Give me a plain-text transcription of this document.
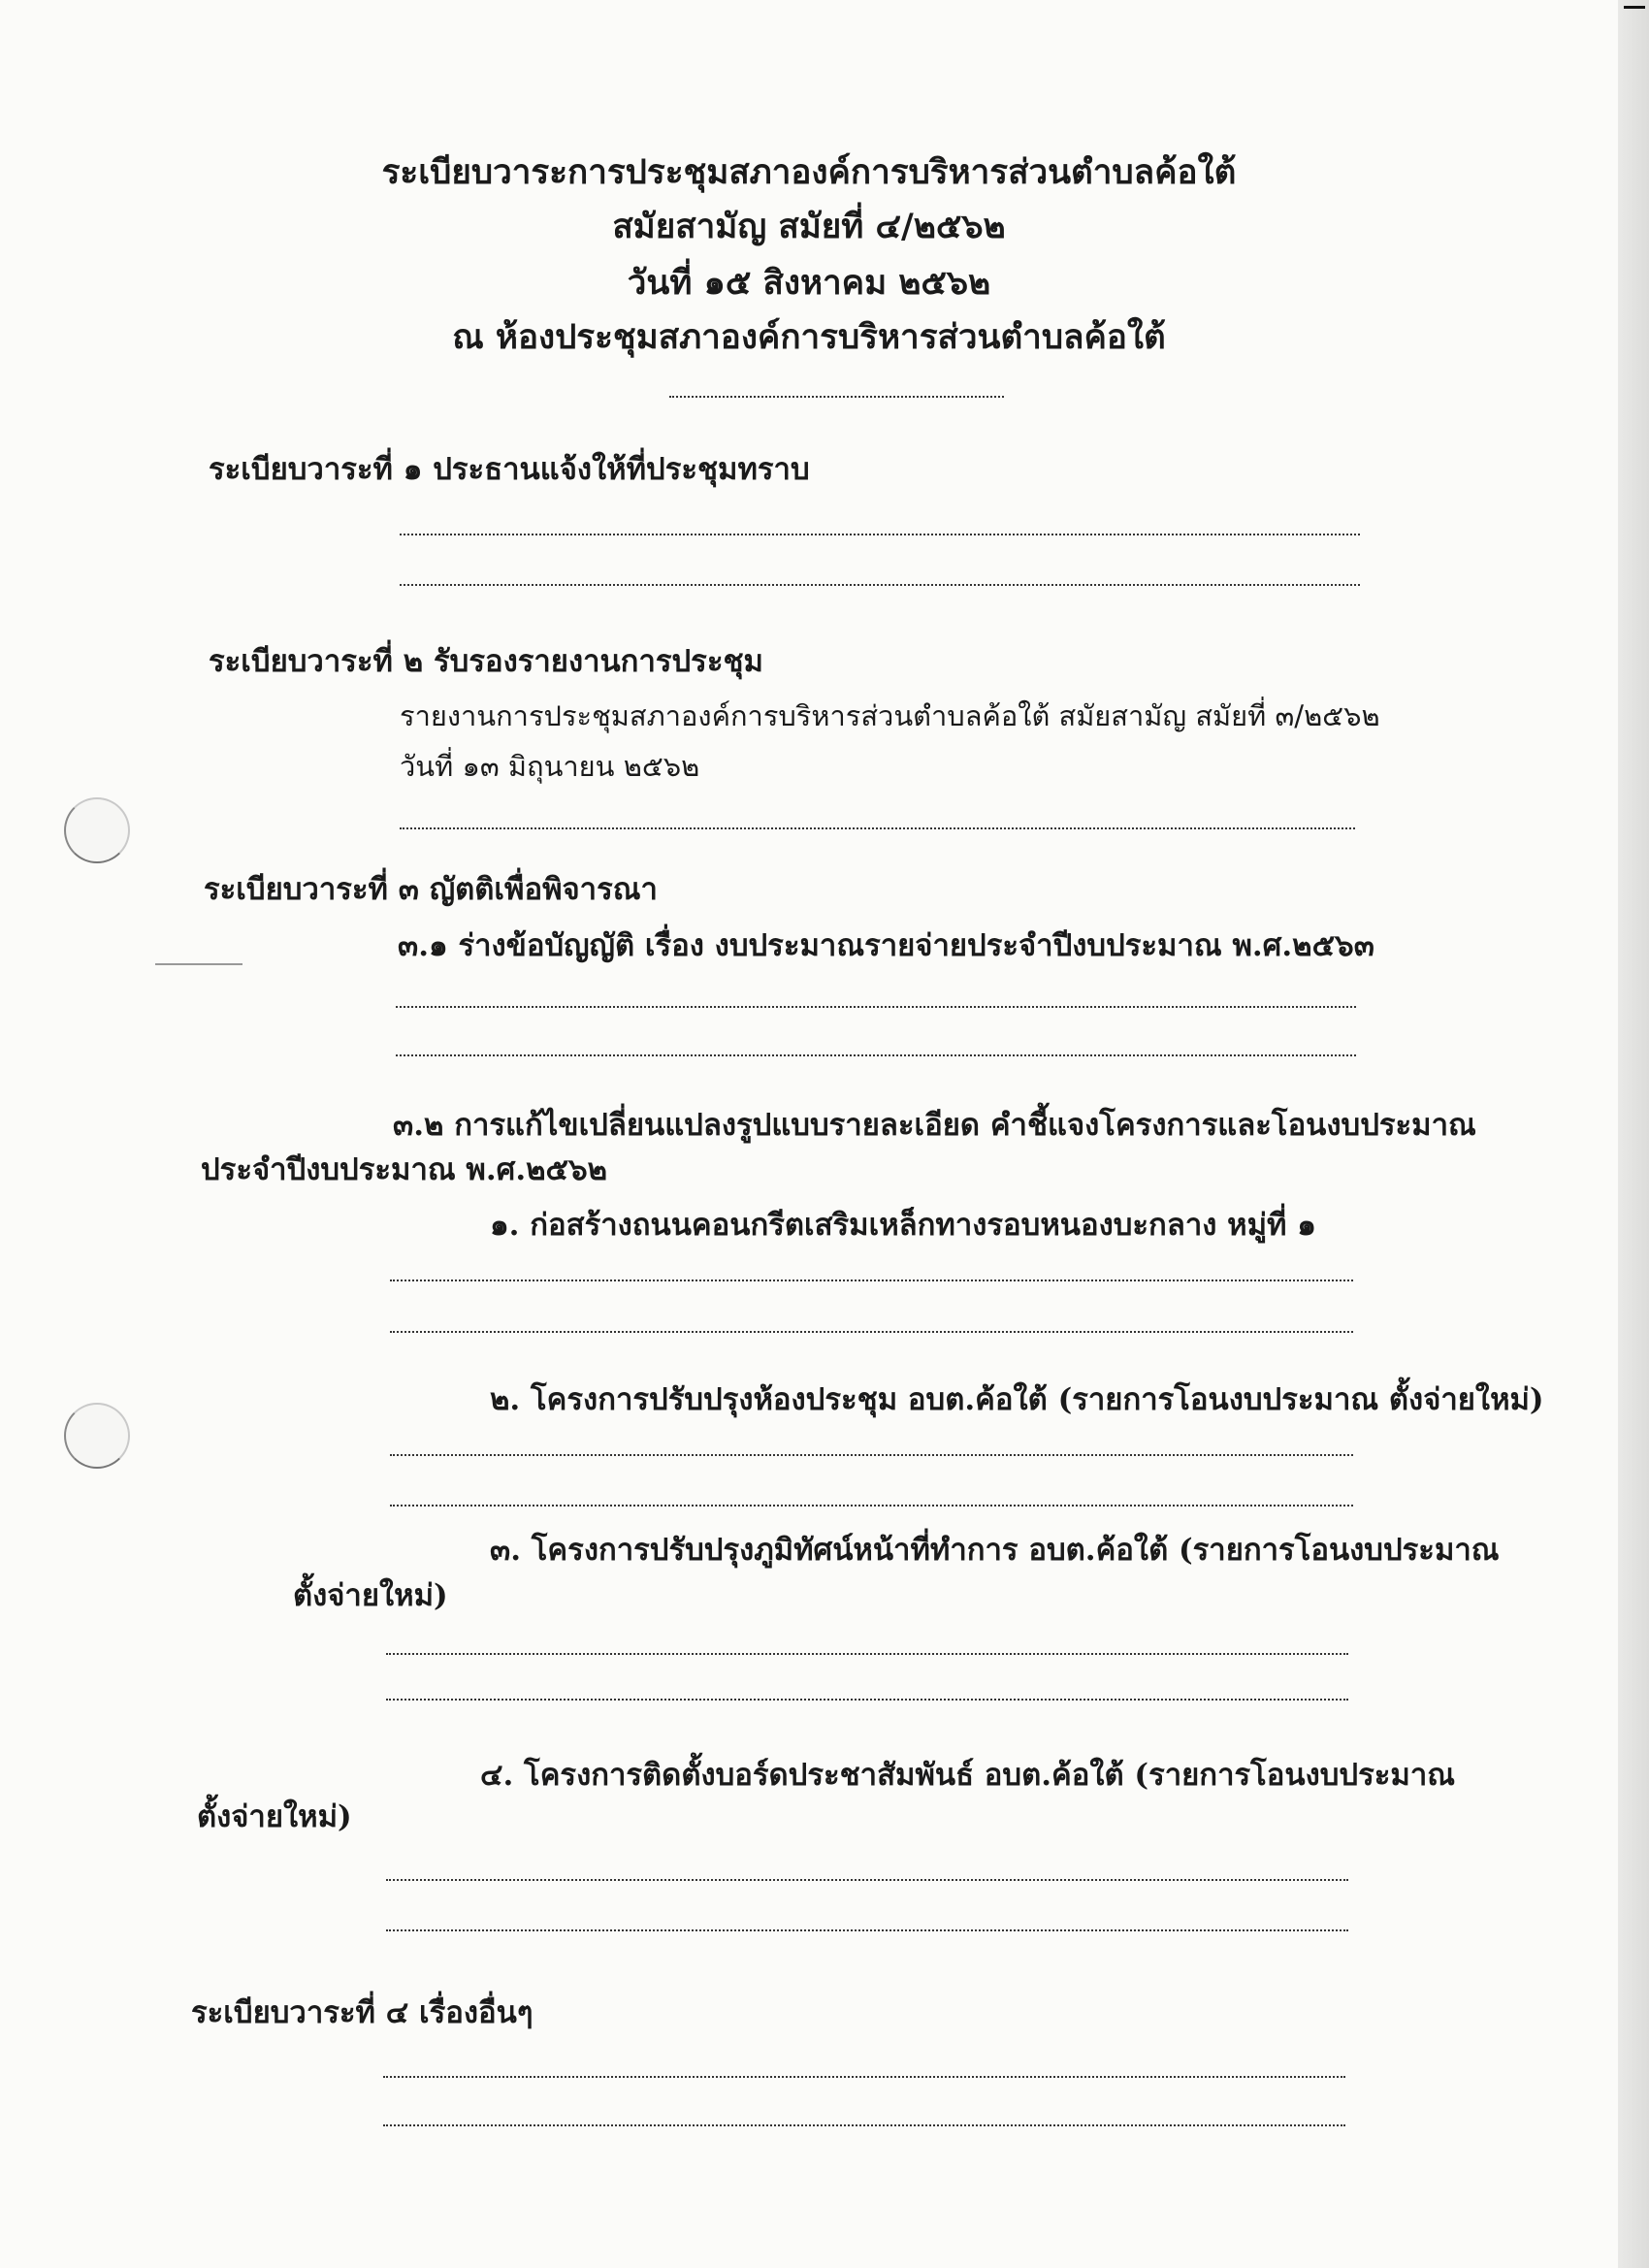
ระเบียบวาระการประชุมสภาองค์การบริหารส่วนตำบลค้อใต้
สมัยสามัญ สมัยที่ ๔/๒๕๖๒
วันที่ ๑๕ สิงหาคม ๒๕๖๒
ณ ห้องประชุมสภาองค์การบริหารส่วนตำบลค้อใต้
ระเบียบวาระที่ ๑ ประธานแจ้งให้ที่ประชุมทราบ
ระเบียบวาระที่ ๒ รับรองรายงานการประชุม
รายงานการประชุมสภาองค์การบริหารส่วนตำบลค้อใต้ สมัยสามัญ สมัยที่ ๓/๒๕๖๒
วันที่ ๑๓ มิถุนายน ๒๕๖๒
ระเบียบวาระที่ ๓ ญัตติเพื่อพิจารณา
๓.๑ ร่างข้อบัญญัติ เรื่อง งบประมาณรายจ่ายประจำปีงบประมาณ พ.ศ.๒๕๖๓
๓.๒ การแก้ไขเปลี่ยนแปลงรูปแบบรายละเอียด คำชี้แจงโครงการและโอนงบประมาณ
ประจำปีงบประมาณ พ.ศ.๒๕๖๒
๑. ก่อสร้างถนนคอนกรีตเสริมเหล็กทางรอบหนองบะกลาง หมู่ที่ ๑
๒. โครงการปรับปรุงห้องประชุม อบต.ค้อใต้ (รายการโอนงบประมาณ ตั้งจ่ายใหม่)
๓. โครงการปรับปรุงภูมิทัศน์หน้าที่ทำการ อบต.ค้อใต้ (รายการโอนงบประมาณ
ตั้งจ่ายใหม่)
๔. โครงการติดตั้งบอร์ดประชาสัมพันธ์ อบต.ค้อใต้ (รายการโอนงบประมาณ
ตั้งจ่ายใหม่)
ระเบียบวาระที่ ๔ เรื่องอื่นๆ
